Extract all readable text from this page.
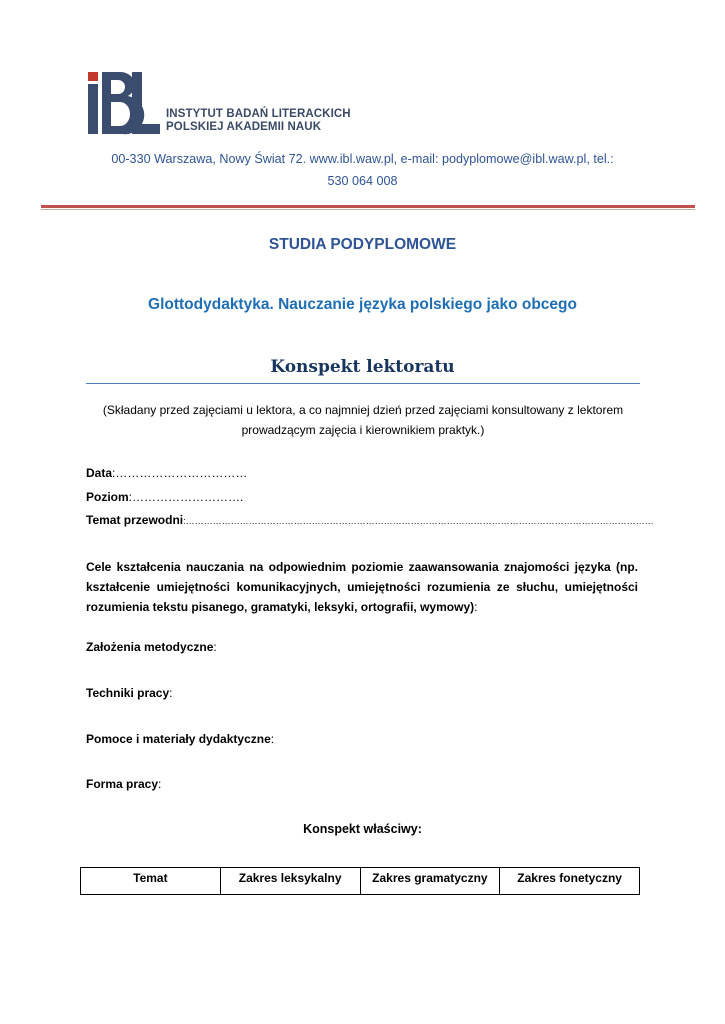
INSTYTUT BADAŃ LITERACKICH
POLSKIEJ AKADEMII NAUK
00-330 Warszawa, Nowy Świat 72. www.ibl.waw.pl, e-mail: podyplomowe@ibl.waw.pl, tel.:
530 064 008
STUDIA PODYPLOMOWE
Glottodydaktyka. Nauczanie języka polskiego jako obcego
Konspekt lektoratu
(Składany przed zajęciami u lektora, a co najmniej dzień przed zajęciami konsultowany z lektorem
prowadzącym zajęcia i kierownikiem praktyk.)
Data:……………………………
Poziom:……………………….
Temat przewodni:…………………………………………………………………………………………………………………………………………
Cele kształcenia nauczania na odpowiednim poziomie zaawansowania znajomości języka (np. kształcenie umiejętności komunikacyjnych, umiejętności rozumienia ze słuchu, umiejętności rozumienia tekstu pisanego, gramatyki, leksyki, ortografii, wymowy):
Założenia metodyczne:
Techniki pracy:
Pomoce i materiały dydaktyczne:
Forma pracy:
Konspekt właściwy:
Temat	Zakres leksykalny	Zakres gramatyczny	Zakres fonetyczny
